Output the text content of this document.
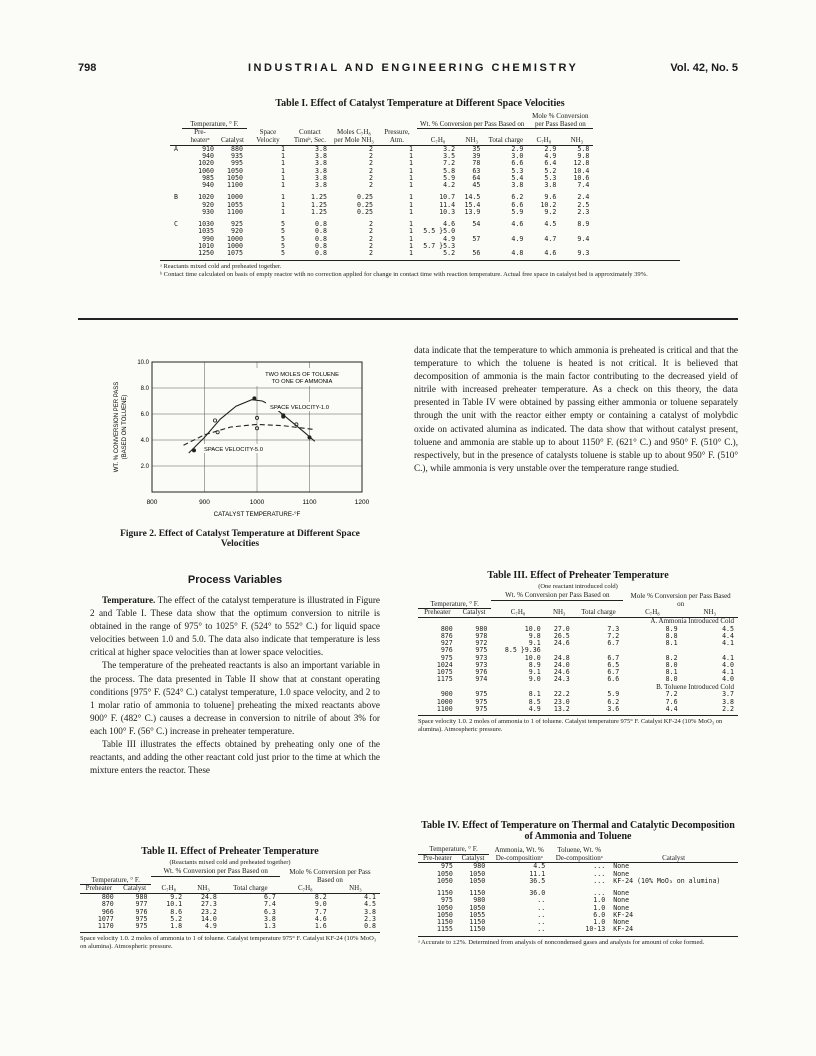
798	INDUSTRIAL AND ENGINEERING CHEMISTRY	Vol. 42, No. 5
Table I. Effect of Catalyst Temperature at Different Space Velocities
	Temperature, ° F.		Space Velocity	Contact Timeᵇ, Sec.	Moles C₇H₈ per Mole NH₃	Pressure, Atm.	Wt. % Conversion per Pass Based on			Mole % Conversion per Pass Based on	
	Pre-heaterᵃ	Catalyst					C₇H₈	NH₃	Total charge	C₇H₈	NH₃
A	910	880	1	3.8	2	1	3.2	35	2.9	2.9	5.8
	940	935	1	3.8	2	1	3.5	39	3.0	4.9	9.8
	1020	995	1	3.8	2	1	7.2	78	6.6	6.4	12.8
	1060	1050	1	3.8	2	1	5.8	63	5.3	5.2	10.4
	985	1050	1	3.8	2	1	5.9	64	5.4	5.3	10.6
	940	1100	1	3.8	2	1	4.2	45	3.8	3.8	7.4
B	1020	1000	1	1.25	0.25	1	10.7	14.5	6.2	9.6	2.4
	920	1055	1	1.25	0.25	1	11.4	15.4	6.6	10.2	2.5
	930	1100	1	1.25	0.25	1	10.3	13.9	5.9	9.2	2.3
C	1030	925	5	0.8	2	1	4.6	54	4.6	4.5	8.9
	1035	920	5	0.8	2	1	5.5 }5.0				
	990	1000	5	0.8	2	1	4.9	57	4.9	4.7	9.4
	1010	1000	5	0.8	2	1	5.7 }5.3				
	1250	1075	5	0.8	2	1	5.2	56	4.8	4.6	9.3
ᵃ Reactants mixed cold and preheated together.
ᵇ Contact time calculated on basis of empty reactor with no correction applied for change in contact time with reaction temperature. Actual free space in catalyst bed is approximately 39%.
800	900	1000	1100	1200
2.0
4.0
6.0
8.0
10.0
TWO MOLES OF TOLUENE TO ONE OF AMMONIA
SPACE VELOCITY-1.0
SPACE VELOCITY-5.0
CATALYST TEMPERATURE-°F
WT. % CONVERSION PER PASS (BASED ON TOLUENE)
Figure 2. Effect of Catalyst Temperature at Different Space Velocities

data indicate that the temperature to which ammonia is preheated is critical and that the temperature to which the toluene is heated is not critical. It is believed that decomposition of ammonia is the main factor contributing to the decreased yield of nitrile with increased preheater temperature. As a check on this theory, the data presented in Table IV were obtained by passing either ammonia or toluene separately through the unit with the reactor either empty or containing a catalyst of molybdic oxide on activated alumina as indicated. The data show that without catalyst present, toluene and ammonia are stable up to about 1150° F. (621° C.) and 950° F. (510° C.), respectively, but in the presence of catalysts toluene is stable up to about 950° F. (510° C.), while ammonia is very unstable over the temperature range studied.

Process Variables

Temperature. The effect of the catalyst temperature is illustrated in Figure 2 and Table I. These data show that the optimum conversion to nitrile is obtained in the range of 975° to 1025° F. (524° to 552° C.) for liquid space velocities between 1.0 and 5.0. The data also indicate that temperature is less critical at higher space velocities than at lower space velocities.

The temperature of the preheated reactants is also an important variable in the process. The data presented in Table II show that at constant operating conditions [975° F. (524° C.) catalyst temperature, 1.0 space velocity, and 2 to 1 molar ratio of ammonia to toluene] preheating the mixed reactants above 900° F. (482° C.) causes a decrease in conversion to nitrile of about 3% for each 100° F. (56° C.) increase in preheater temperature.

Table III illustrates the effects obtained by preheating only one of the reactants, and adding the other reactant cold just prior to the time at which the mixture enters the reactor. These

Table II. Effect of Preheater Temperature
(Reactants mixed cold and preheated together)
		Wt. % Conversion per Pass Based on			Mole % Conversion per Pass Based on	
Temperature, ° F.				Total charge		
Preheater	Catalyst	C₇H₈	NH₃		C₇H₈	NH₃
800	980	9.2	24.8	6.7	8.2	4.1
870	977	10.1	27.3	7.4	9.0	4.5
966	976	8.6	23.2	6.3	7.7	3.8
1077	975	5.2	14.0	3.8	4.6	2.3
1170	975	1.8	4.9	1.3	1.6	0.8
Space velocity 1.0. 2 moles of ammonia to 1 of toluene. Catalyst temperature 975° F. Catalyst KF-24 (10% MoO₃ on alumina). Atmospheric pressure.
Table III. Effect of Preheater Temperature
(One reactant introduced cold)
		Wt. % Conversion per Pass Based on			Mole % Conversion per Pass Based on	
Temperature, ° F.				Total charge		
Preheater	Catalyst	C₇H₈	NH₃		C₇H₈	NH₃
A. Ammonia Introduced Cold						
800	980	10.0	27.0	7.3	8.9	4.5
876	978	9.8	26.5	7.2	8.8	4.4
927	972	9.1	24.6	6.7	8.1	4.1
976	975	8.5 }9.36				
975	973	10.0	24.8	6.7	8.2	4.1
1024	973	8.9	24.0	6.5	8.0	4.0
1075	976	9.1	24.6	6.7	8.1	4.1
1175	974	9.0	24.3	6.6	8.0	4.0
B. Toluene Introduced Cold						
900	975	8.1	22.2	5.9	7.2	3.7
1000	975	8.5	23.0	6.2	7.6	3.8
1100	975	4.9	13.2	3.6	4.4	2.2
Space velocity 1.0. 2 moles of ammonia to 1 of toluene. Catalyst temperature 975° F. Catalyst KF-24 (10% MoO₃ on alumina). Atmospheric pressure.
Table IV. Effect of Temperature on Thermal and Catalytic Decomposition of Ammonia and Toluene
Temperature, ° F.		Ammonia, Wt. % De-compositionᵃ	Toluene, Wt. % De-compositionᵃ	Catalyst
Pre-heater	Catalyst			
975	980	4.5	...	None
1050	1050	11.1	...	None
1050	1050	36.5	...	KF-24 (10% MoO₃ on alumina)
1150	1150	36.0	...	None
975	980	..	1.0	None
1050	1050	..	1.0	None
1050	1055	..	6.0	KF-24
1150	1150	..	1.0	None
1155	1150	..	10-13	KF-24
ᵃ Accurate to ±2%. Determined from analysis of noncondensed gases and analysis for amount of coke formed.
